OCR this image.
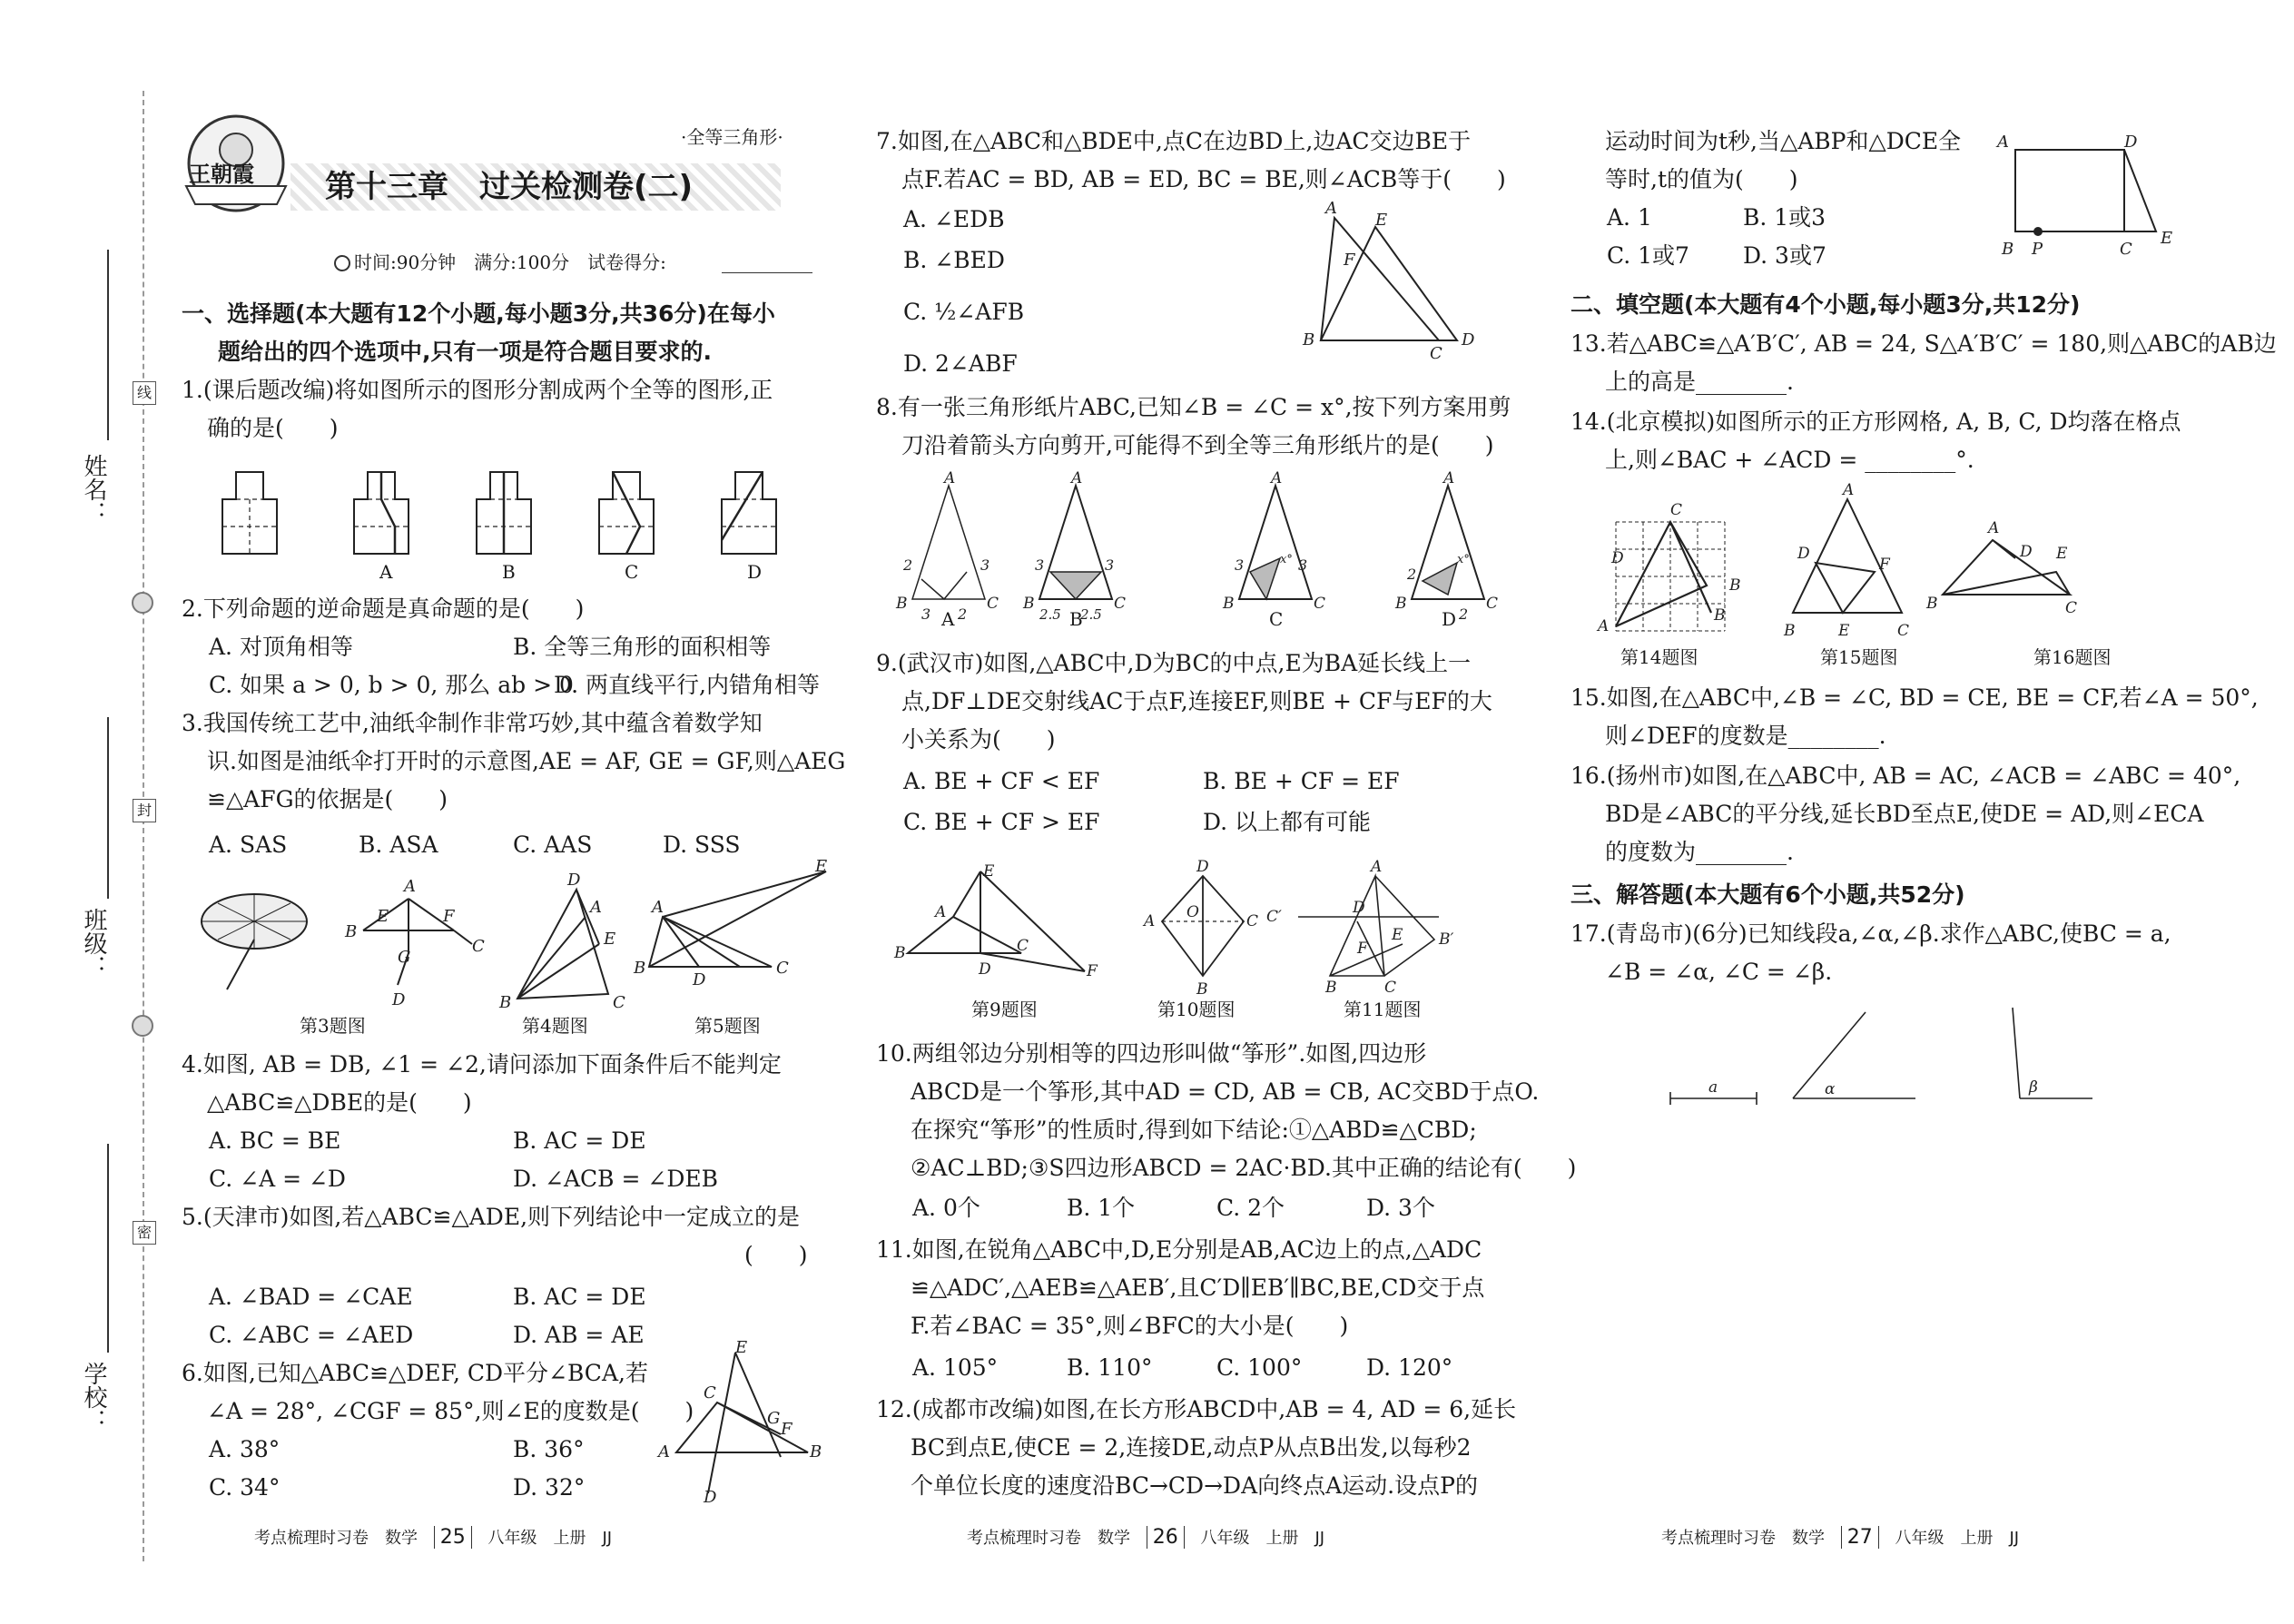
姓名：
班级：
学校：
线
封
密
王朝霞 第十三章　过关检测卷(二)
·全等三角形·
时间:90分钟　满分:100分　试卷得分:
一、选择题(本大题有12个小题,每小题3分,共36分)在每小
题给出的四个选项中,只有一项是符合题目要求的.
1.(课后题改编)将如图所示的图形分割成两个全等的图形,正
确的是(　　)
A	B	C	D
2.下列命题的逆命题是真命题的是(　　)
A. 对顶角相等	B. 全等三角形的面积相等
C. 如果 a > 0, b > 0, 那么 ab > 0
D. 两直线平行,内错角相等
3.我国传统工艺中,油纸伞制作非常巧妙,其中蕴含着数学知
识.如图是油纸伞打开时的示意图,AE = AF, GE = GF,则△AEG
≌△AFG的依据是(　　)
A. SAS	B. ASA	C. AAS	D. SSS
A
B
E	F
C
G
D
D
A
E
B	C
A
E
B
D
C
第3题图	第4题图	第5题图
4.如图, AB = DB, ∠1 = ∠2,请问添加下面条件后不能判定
△ABC≌△DBE的是(　　)
A. BC = BE	B. AC = DE
C. ∠A = ∠D	D. ∠ACB = ∠DEB
5.(天津市)如图,若△ABC≌△ADE,则下列结论中一定成立的是
(　　)
A. ∠BAD = ∠CAE	B. AC = DE
C. ∠ABC = ∠AED	D. AB = AE
6.如图,已知△ABC≌△DEF, CD平分∠BCA,若
∠A = 28°, ∠CGF = 85°,则∠E的度数是(　　)
A. 38°	B. 36°
C. 34°	D. 32°
E
C
F
G
A	B
D
考点梳理时习卷　数学 25 八年级　上册　JJ
7.如图,在△ABC和△BDE中,点C在边BD上,边AC交边BE于
点F.若AC = BD, AB = ED, BC = BE,则∠ACB等于(　　)
A. ∠EDB
B. ∠BED
C. ½∠AFB
D. 2∠ABF
A
E
F
B
C
D
8.有一张三角形纸片ABC,已知∠B = ∠C = x°,按下列方案用剪
刀沿着箭头方向剪开,可能得不到全等三角形纸片的是(　　)
A
B	C
2	3
3 2
A
B	C
3	3
2.5 2.5
A
B	C
3	3
x°
A
B	C
2
2
x°
A	B	C	D
9.(武汉市)如图,△ABC中,D为BC的中点,E为BA延长线上一
点,DF⊥DE交射线AC于点F,连接EF,则BE + CF与EF的大
小关系为(　　)
A. BE + CF < EF	B. BE + CF = EF
C. BE + CF > EF	D. 以上都有可能
A
B	C
E
D	F
D
A O	C
B
A
C′	D
E
F
B	C
B′
第9题图	第10题图	第11题图
10.两组邻边分别相等的四边形叫做“筝形”.如图,四边形
ABCD是一个筝形,其中AD = CD, AB = CB, AC交BD于点O.
在探究“筝形”的性质时,得到如下结论:①△ABD≌△CBD;
②AC⊥BD;③S四边形ABCD = 2AC·BD.其中正确的结论有(　　)
A. 0个	B. 1个	C. 2个	D. 3个
11.如图,在锐角△ABC中,D,E分别是AB,AC边上的点,△ADC
≌△ADC′,△AEB≌△AEB′,且C′D∥EB′∥BC,BE,CD交于点
F.若∠BAC = 35°,则∠BFC的大小是(　　)
A. 105°	B. 110°	C. 100°	D. 120°
12.(成都市改编)如图,在长方形ABCD中,AB = 4, AD = 6,延长
BC到点E,使CE = 2,连接DE,动点P从点B出发,以每秒2
个单位长度的速度沿BC→CD→DA向终点A运动.设点P的
考点梳理时习卷　数学 26 八年级　上册　JJ
运动时间为t秒,当△ABP和△DCE全
等时,t的值为(　　)
A. 1	B. 1或3
C. 1或7 D. 3或7
A	D
B P	C
E
二、填空题(本大题有4个小题,每小题3分,共12分)
13.若△ABC≌△A′B′C′, AB = 24, S△A′B′C′ = 180,则△ABC的AB边
上的高是________.
14.(北京模拟)如图所示的正方形网格, A, B, C, D均落在格点
上,则∠BAC + ∠ACD = ________°.
C
A
D
B
B
A
D
F
B	E	C
A
D E
B	C
第14题图	第15题图	第16题图
15.如图,在△ABC中,∠B = ∠C, BD = CE, BE = CF,若∠A = 50°,
则∠DEF的度数是________.
16.(扬州市)如图,在△ABC中, AB = AC, ∠ACB = ∠ABC = 40°,
BD是∠ABC的平分线,延长BD至点E,使DE = AD,则∠ECA
的度数为________.
三、解答题(本大题有6个小题,共52分)
17.(青岛市)(6分)已知线段a,∠α,∠β.求作△ABC,使BC = a,
∠B = ∠α, ∠C = ∠β.
a	α	β
考点梳理时习卷　数学 27 八年级　上册　JJ
